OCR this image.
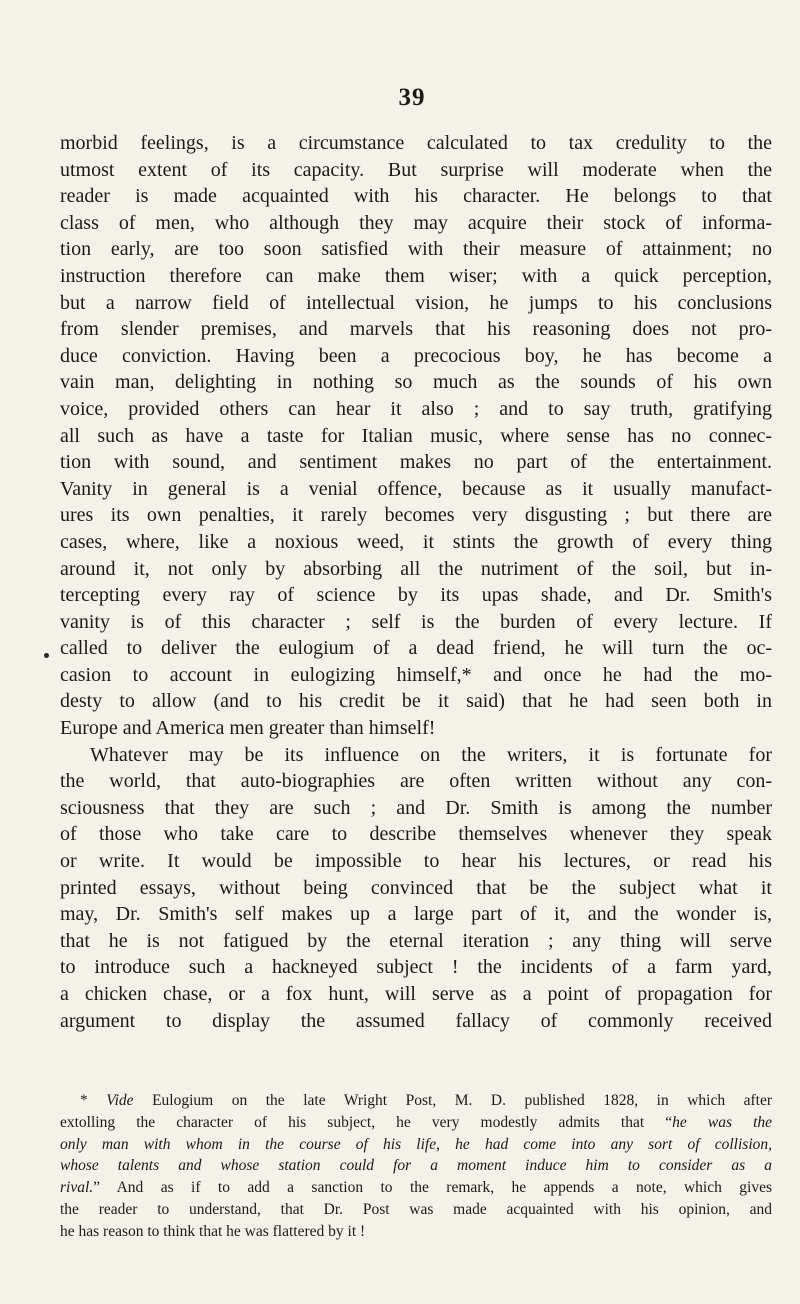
39
morbid feelings, is a circumstance calculated to tax credulity to the
utmost extent of its capacity. But surprise will moderate when the
reader is made acquainted with his character. He belongs to that
class of men, who although they may acquire their stock of informa-
tion early, are too soon satisfied with their measure of attainment; no
instruction therefore can make them wiser; with a quick perception,
but a narrow field of intellectual vision, he jumps to his conclusions
from slender premises, and marvels that his reasoning does not pro-
duce conviction. Having been a precocious boy, he has become a
vain man, delighting in nothing so much as the sounds of his own
voice, provided others can hear it also ; and to say truth, gratifying
all such as have a taste for Italian music, where sense has no connec-
tion with sound, and sentiment makes no part of the entertainment.
Vanity in general is a venial offence, because as it usually manufact-
ures its own penalties, it rarely becomes very disgusting ; but there are
cases, where, like a noxious weed, it stints the growth of every thing
around it, not only by absorbing all the nutriment of the soil, but in-
tercepting every ray of science by its upas shade, and Dr. Smith's
vanity is of this character ; self is the burden of every lecture. If
called to deliver the eulogium of a dead friend, he will turn the oc-
casion to account in eulogizing himself,* and once he had the mo-
desty to allow (and to his credit be it said) that he had seen both in
Europe and America men greater than himself!
Whatever may be its influence on the writers, it is fortunate for
the world, that auto-biographies are often written without any con-
sciousness that they are such ; and Dr. Smith is among the number
of those who take care to describe themselves whenever they speak
or write. It would be impossible to hear his lectures, or read his
printed essays, without being convinced that be the subject what it
may, Dr. Smith's self makes up a large part of it, and the wonder is,
that he is not fatigued by the eternal iteration ; any thing will serve
to introduce such a hackneyed subject ! the incidents of a farm yard,
a chicken chase, or a fox hunt, will serve as a point of propagation for
argument to display the assumed fallacy of commonly received
* Vide Eulogium on the late Wright Post, M. D. published 1828, in which after
extolling the character of his subject, he very modestly admits that “he was the
only man with whom in the course of his life, he had come into any sort of collision,
whose talents and whose station could for a moment induce him to consider as a
rival.” And as if to add a sanction to the remark, he appends a note, which gives
the reader to understand, that Dr. Post was made acquainted with his opinion, and
he has reason to think that he was flattered by it !
